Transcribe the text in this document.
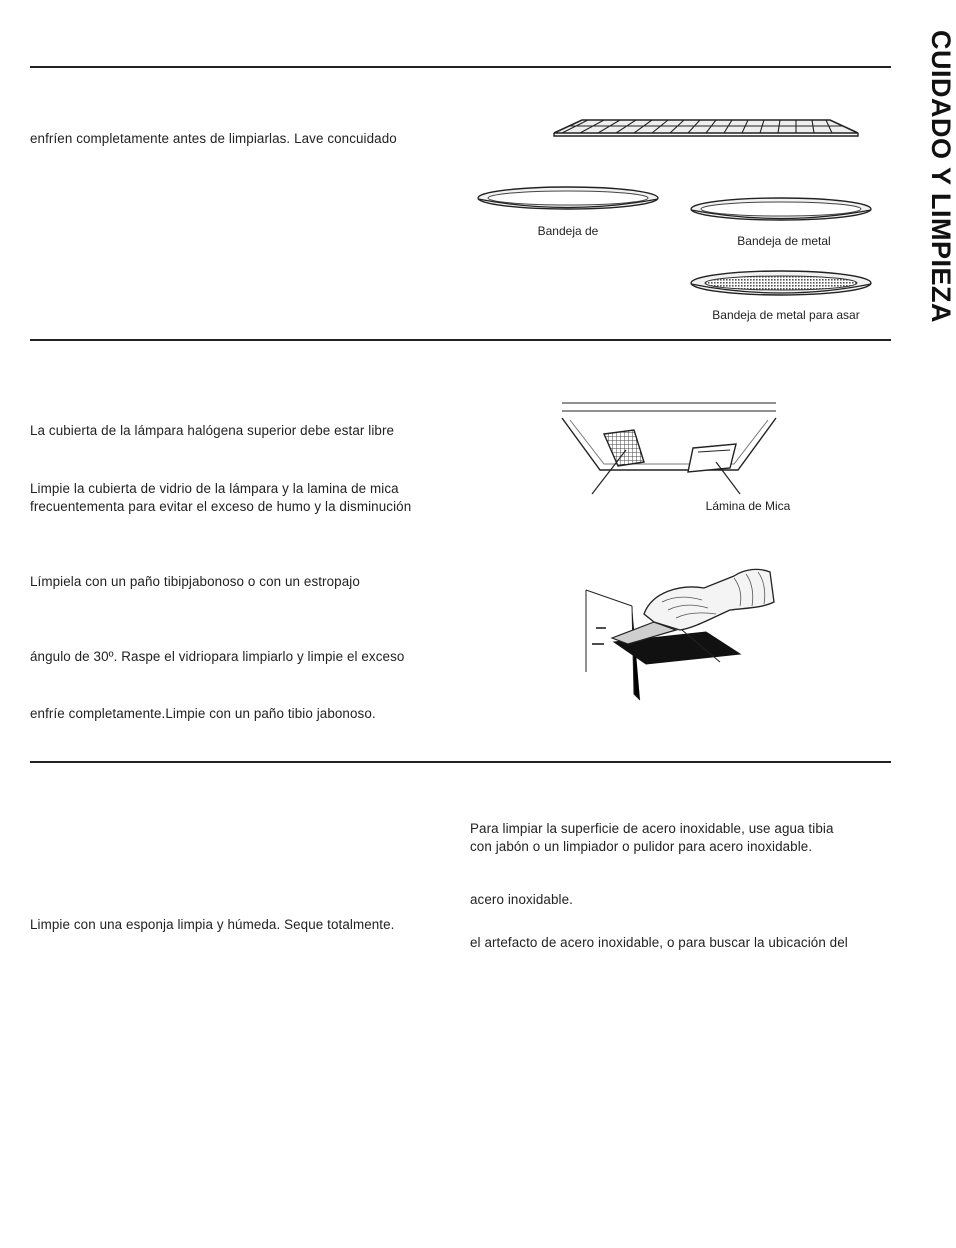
CUIDADO Y LIMPIEZA
enfríen completamente antes de limpiarlas. Lave concuidado
Bandeja de
Bandeja de metal
Bandeja de metal para asar
La cubierta de la lámpara halógena superior debe estar libre
Limpie la cubierta de vidrio de la lámpara y la lamina de mica
frecuentementa para evitar el exceso de humo y la disminución
Límpiela con un paño tibipjabonoso o con un estropajo
ángulo de 30º. Raspe el vidriopara limpiarlo y limpie el exceso
enfríe completamente.Limpie con un paño tibio jabonoso.
Lámina de Mica
Limpie con una esponja limpia y húmeda. Seque totalmente.
Para limpiar la superficie de acero inoxidable, use agua tibia
con jabón o un limpiador o pulidor para acero inoxidable.
acero inoxidable.
el artefacto de acero inoxidable, o para buscar la ubicación del
